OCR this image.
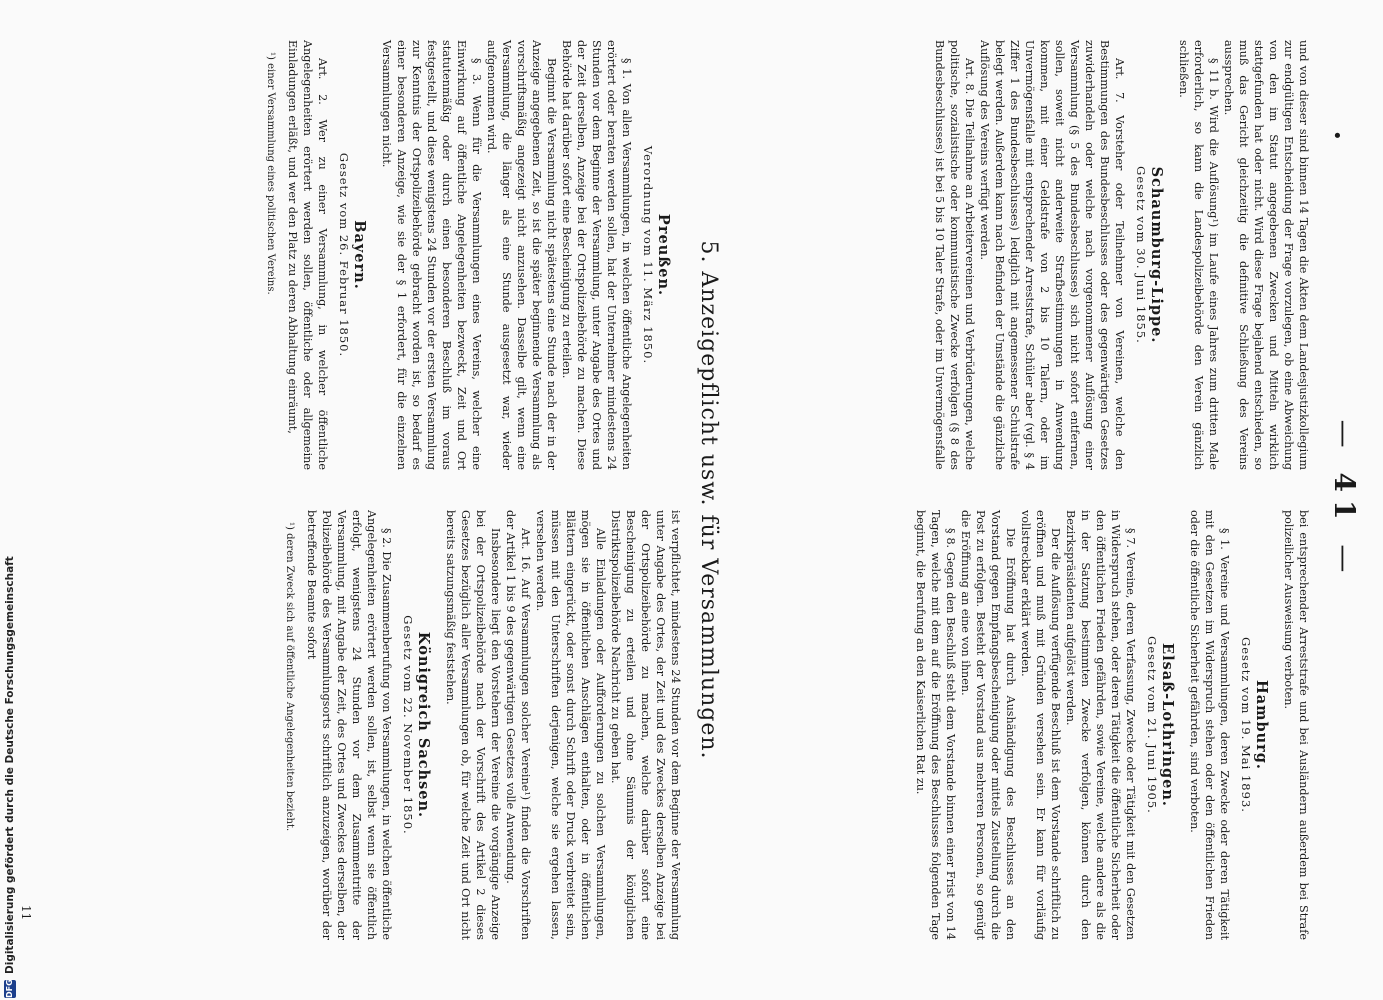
— 41 —
•

und von dieser sind binnen 14 Tagen die Akten dem Landesjustizkollegium zur endgültigen Entscheidung der Frage vorzulegen, ob eine Abweichung von den im Statut angegebenen Zwecken und Mitteln wirklich stattgefunden hat oder nicht. Wird diese Frage bejahend entschieden, so muß das Gericht gleichzeitig die definitive Schließung des Vereins aussprechen.

§ 11 b. Wird die Auflösung¹) im Laufe eines Jahres zum dritten Male erforderlich, so kann die Landespolizeibehörde den Verein gänzlich schließen.

Schaumburg-Lippe.
Gesetz vom 30. Juni 1855.

Art. 7. Vorsteher oder Teilnehmer von Vereinen, welche den Bestimmungen des Bundesbeschlusses oder des gegenwärtigen Gesetzes zuwiderhandeln oder welche nach vorgenommener Auflösung einer Versammlung (§ 5 des Bundesbeschlusses) sich nicht sofort entfernen, sollen, soweit nicht anderweite Strafbestimmungen in Anwendung kommen, mit einer Geldstrafe von 2 bis 10 Talern, oder im Unvermögensfalle mit entsprechender Arreststrafe, Schüler aber (vgl. § 4 Ziffer 1 des Bundesbeschlusses) lediglich mit angemessener Schulstrafe belegt werden. Außerdem kann nach Befinden der Umstände die gänzliche Auflösung des Vereins verfügt werden.

Art. 8. Die Teilnahme an Arbeitervereinen und Verbrüderungen, welche politische, sozialistische oder kommunistische Zwecke verfolgen (§ 8 des Bundesbeschlusses) ist bei 5 bis 10 Taler Strafe, oder im Unvermögensfalle

bei entsprechender Arreststrafe und bei Ausländern außerdem bei Strafe polizeilicher Ausweisung verboten.

Hamburg.
Gesetz vom 19. Mai 1893.

§ 1. Vereine und Versammlungen, deren Zwecke oder deren Tätigkeit mit den Gesetzen im Widerspruch stehen oder den öffentlichen Frieden oder die öffentliche Sicherheit gefährden, sind verboten.

Elsaß-Lothringen.
Gesetz vom 21. Juni 1905.

§ 7. Vereine, deren Verfassung, Zwecke oder Tätigkeit mit den Gesetzen in Widerspruch stehen, oder deren Tätigkeit die öffentliche Sicherheit oder den öffentlichen Frieden gefährden, sowie Vereine, welche andere als die in der Satzung bestimmten Zwecke verfolgen, können durch den Bezirkspräsidenten aufgelöst werden.

Der die Auflösung verfügende Beschluß ist dem Vorstande schriftlich zu eröffnen und muß mit Gründen versehen sein. Er kann für vorläufig vollstreckbar erklärt werden.

Die Eröffnung hat durch Aushändigung des Beschlusses an den Vorstand gegen Empfangsbescheinigung oder mittels Zustellung durch die Post zu erfolgen. Besteht der Vorstand aus mehreren Personen, so genügt die Eröffnung an eine von ihnen.

§ 8. Gegen den Beschluß steht dem Vorstande binnen einer Frist von 14 Tagen, welche mit dem auf die Eröffnung des Beschlusses folgenden Tage beginnt, die Berufung an den Kaiserlichen Rat zu.

5. Anzeigepflicht usw. für Versammlungen.
Preußen.
Verordnung vom 11. März 1850.

§ 1. Von allen Versammlungen, in welchen öffentliche Angelegenheiten erörtert oder beraten werden sollen, hat der Unternehmer mindestens 24 Stunden vor dem Beginne der Versammlung, unter Angabe des Ortes und der Zeit derselben, Anzeige bei der Ortspolizeibehörde zu machen. Diese Behörde hat darüber sofort eine Bescheinigung zu erteilen.

Beginnt die Versammlung nicht spätestens eine Stunde nach der in der Anzeige angegebenen Zeit, so ist die später beginnende Versammlung als vorschriftsmäßig angezeigt nicht anzusehen. Dasselbe gilt, wenn eine Versammlung, die länger als eine Stunde ausgesetzt war, wieder aufgenommen wird.

§ 3. Wenn für die Versammlungen eines Vereins, welcher eine Einwirkung auf öffentliche Angelegenheiten bezweckt, Zeit und Ort statutenmäßig oder durch einen besonderen Beschluß im voraus festgestellt, und diese wenigstens 24 Stunden vor der ersten Versammlung zur Kenntnis der Ortspolizeibehörde gebracht worden ist, so bedarf es einer besonderen Anzeige, wie sie der § 1 erfordert, für die einzelnen Versammlungen nicht.

Bayern.
Gesetz vom 26. Februar 1850.

Art. 2. Wer zu einer Versammlung, in welcher öffentliche Angelegenheiten erörtert werden sollen, öffentliche oder allgemeine Einladungen erläßt, und wer den Platz zu deren Abhaltung einräumt,

¹) einer Versammlung eines politischen Vereins.

ist verpflichtet, mindestens 24 Stunden vor dem Beginne der Versammlung unter Angabe des Ortes, der Zeit und des Zweckes derselben Anzeige bei der Ortspolizeibehörde zu machen, welche darüber sofort eine Bescheinigung zu erteilen und ohne Säumnis der königlichen Distriktspolizeibehörde Nachricht zu geben hat.

Alle Einladungen oder Aufforderungen zu solchen Versammlungen, mögen sie in öffentlichen Anschlägen enthalten, oder in öffentlichen Blättern eingerückt, oder sonst durch Schrift oder Druck verbreitet sein, müssen mit den Unterschriften derjenigen, welche sie ergehen lassen, versehen werden.

Art. 16. Auf Versammlungen solcher Vereine¹) finden die Vorschriften der Artikel 1 bis 9 des gegenwärtigen Gesetzes volle Anwendung.

Insbesondere liegt den Vorstehern der Vereine die vorgängige Anzeige bei der Ortspolizeibehörde nach der Vorschrift des Artikel 2 dieses Gesetzes bezüglich aller Versammlungen ob, für welche Zeit und Ort nicht bereits satzungsmäßig feststehen.

Königreich Sachsen.
Gesetz vom 22. November 1850.

§ 2. Die Zusammenberufung von Versammlungen, in welchen öffentliche Angelegenheiten erörtert werden sollen, ist, selbst wenn sie öffentlich erfolgt, wenigstens 24 Stunden vor dem Zusammentritte der Versammlung, mit Angabe der Zeit, des Ortes und Zweckes derselben, der Polizeibehörde des Versammlungsorts schriftlich anzuzeigen, worüber der betreffende Beamte sofort

¹) deren Zweck sich auf öffentliche Angelegenheiten bezieht.
11
DFG
Digitalisierung gefördert durch die Deutsche Forschungsgemeinschaft
